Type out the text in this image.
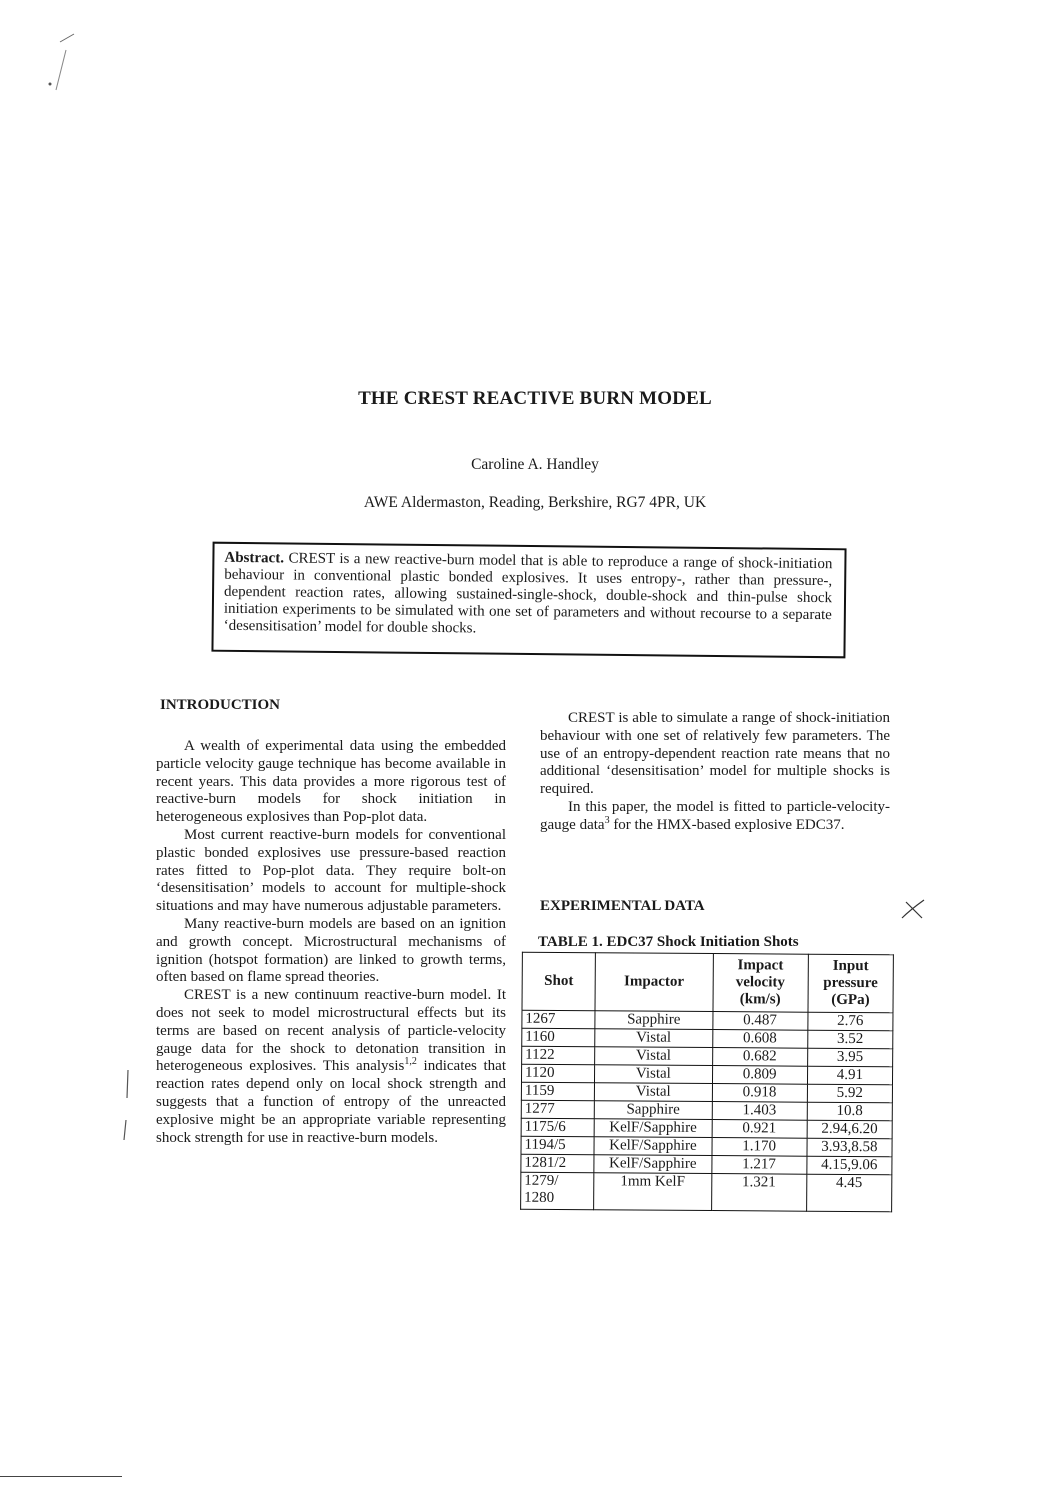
THE CREST REACTIVE BURN MODEL
Caroline A. Handley
AWE Aldermaston, Reading, Berkshire, RG7 4PR, UK
Abstract. CREST is a new reactive-burn model that is able to reproduce a range of shock-initiation behaviour in conventional plastic bonded explosives. It uses entropy-, rather than pressure-, dependent reaction rates, allowing sustained-single-shock, double-shock and thin-pulse shock initiation experiments to be simulated with one set of parameters and without recourse to a separate ‘desensitisation’ model for double shocks.
INTRODUCTION

A wealth of experimental data using the embedded particle velocity gauge technique has become available in recent years. This data provides a more rigorous test of reactive-burn models for shock initiation in heterogeneous explosives than Pop-plot data.

Most current reactive-burn models for conventional plastic bonded explosives use pressure-based reaction rates fitted to Pop-plot data. They require bolt-on ‘desensitisation’ models to account for multiple-shock situations and may have numerous adjustable parameters.

Many reactive-burn models are based on an ignition and growth concept. Microstructural mechanisms of ignition (hotspot formation) are linked to growth terms, often based on flame spread theories.

CREST is a new continuum reactive-burn model. It does not seek to model microstructural effects but its terms are based on recent analysis of particle-velocity gauge data for the shock to detonation transition in heterogeneous explosives. This analysis$^{1,2}$ indicates that reaction rates depend only on local shock strength and suggests that a function of entropy of the unreacted explosive might be an appropriate variable representing shock strength for use in reactive-burn models.

CREST is able to simulate a range of shock-initiation behaviour with one set of relatively few parameters. The use of an entropy-dependent reaction rate means that no additional ‘desensitisation’ model for multiple shocks is required.

In this paper, the model is fitted to particle-velocity-gauge data$^3$ for the HMX-based explosive EDC37.

EXPERIMENTAL DATA
TABLE 1. EDC37 Shock Initiation Shots
Shot	Impactor	Impact velocity (km/s)	Input pressure (GPa)
1267	Sapphire	0.487	2.76
1160	Vistal	0.608	3.52
1122	Vistal	0.682	3.95
1120	Vistal	0.809	4.91
1159	Vistal	0.918	5.92
1277	Sapphire	1.403	10.8
1175/6	KelF/Sapphire	0.921	2.94,6.20
1194/5	KelF/Sapphire	1.170	3.93,8.58
1281/2	KelF/Sapphire	1.217	4.15,9.06
1279/ 1280	1mm KelF	1.321	4.45
